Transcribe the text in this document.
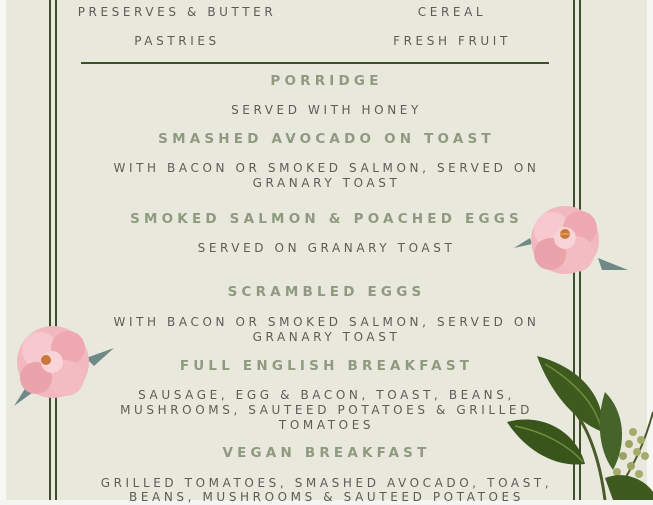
PRESERVES & BUTTER	CEREAL
PASTRIES	FRESH FRUIT
PORRIDGE
SERVED WITH HONEY
SMASHED AVOCADO ON TOAST
WITH BACON OR SMOKED SALMON, SERVED ON
GRANARY TOAST
SMOKED SALMON & POACHED EGGS
SERVED ON GRANARY TOAST
SCRAMBLED EGGS
WITH BACON OR SMOKED SALMON, SERVED ON
GRANARY TOAST
FULL ENGLISH BREAKFAST
SAUSAGE, EGG & BACON, TOAST, BEANS,
MUSHROOMS, SAUTEED POTATOES & GRILLED
TOMATOES
VEGAN BREAKFAST
GRILLED TOMATOES, SMASHED AVOCADO, TOAST,
BEANS, MUSHROOMS & SAUTEED POTATOES
